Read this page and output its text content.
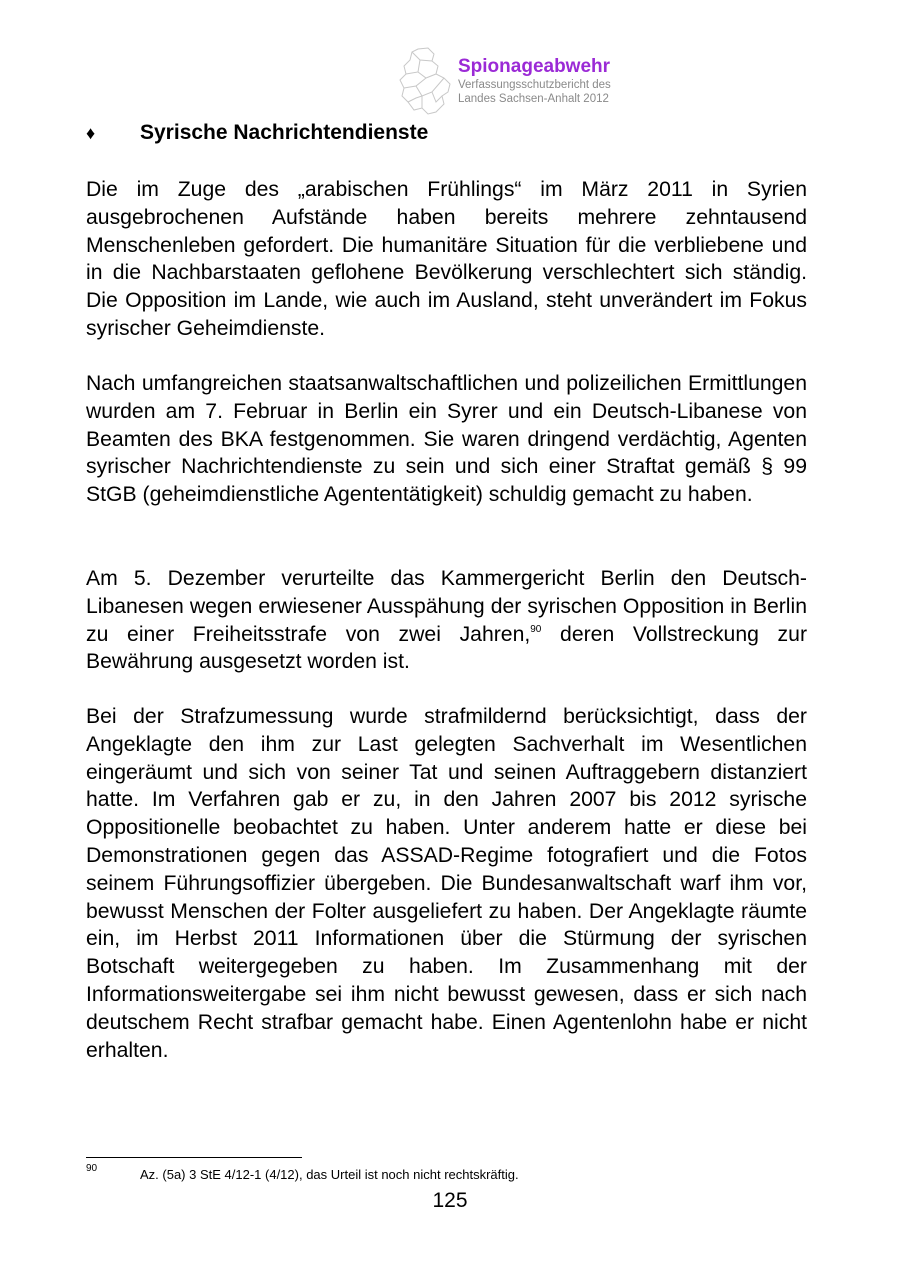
Spionageabwehr
Verfassungsschutzbericht des
Landes Sachsen-Anhalt 2012
♦ Syrische Nachrichtendienste
Die im Zuge des „arabischen Frühlings“ im März 2011 in Syrien ausgebrochenen Aufstände haben bereits mehrere zehntausend Menschenleben gefordert. Die humanitäre Situation für die verbliebene und in die Nachbarstaaten geflohene Bevölkerung verschlechtert sich ständig. Die Opposition im Lande, wie auch im Ausland, steht unverändert im Fokus syrischer Geheimdienste.
Nach umfangreichen staatsanwaltschaftlichen und polizeilichen Ermittlungen wurden am 7. Februar in Berlin ein Syrer und ein Deutsch-Libanese von Beamten des BKA festgenommen. Sie waren dringend verdächtig, Agenten syrischer Nachrichtendienste zu sein und sich einer Straftat gemäß § 99 StGB (geheimdienstliche Agententätigkeit) schuldig gemacht zu haben.
Am 5. Dezember verurteilte das Kammergericht Berlin den Deutsch-Libanesen wegen erwiesener Ausspähung der syrischen Opposition in Berlin zu einer Freiheitsstrafe von zwei Jahren,$^{90}$ deren Vollstreckung zur Bewährung ausgesetzt worden ist.
Bei der Strafzumessung wurde strafmildernd berücksichtigt, dass der Angeklagte den ihm zur Last gelegten Sachverhalt im Wesentlichen eingeräumt und sich von seiner Tat und seinen Auftraggebern distanziert hatte. Im Verfahren gab er zu, in den Jahren 2007 bis 2012 syrische Oppositionelle beobachtet zu haben. Unter anderem hatte er diese bei Demonstrationen gegen das ASSAD-Regime fotografiert und die Fotos seinem Führungsoffizier übergeben. Die Bundesanwaltschaft warf ihm vor, bewusst Menschen der Folter ausgeliefert zu haben. Der Angeklagte räumte ein, im Herbst 2011 Informationen über die Stürmung der syrischen Botschaft weitergegeben zu haben. Im Zusammenhang mit der Informationsweitergabe sei ihm nicht bewusst gewesen, dass er sich nach deutschem Recht strafbar gemacht habe. Einen Agentenlohn habe er nicht erhalten.
90	Az. (5a) 3 StE 4/12-1 (4/12), das Urteil ist noch nicht rechtskräftig.
125
